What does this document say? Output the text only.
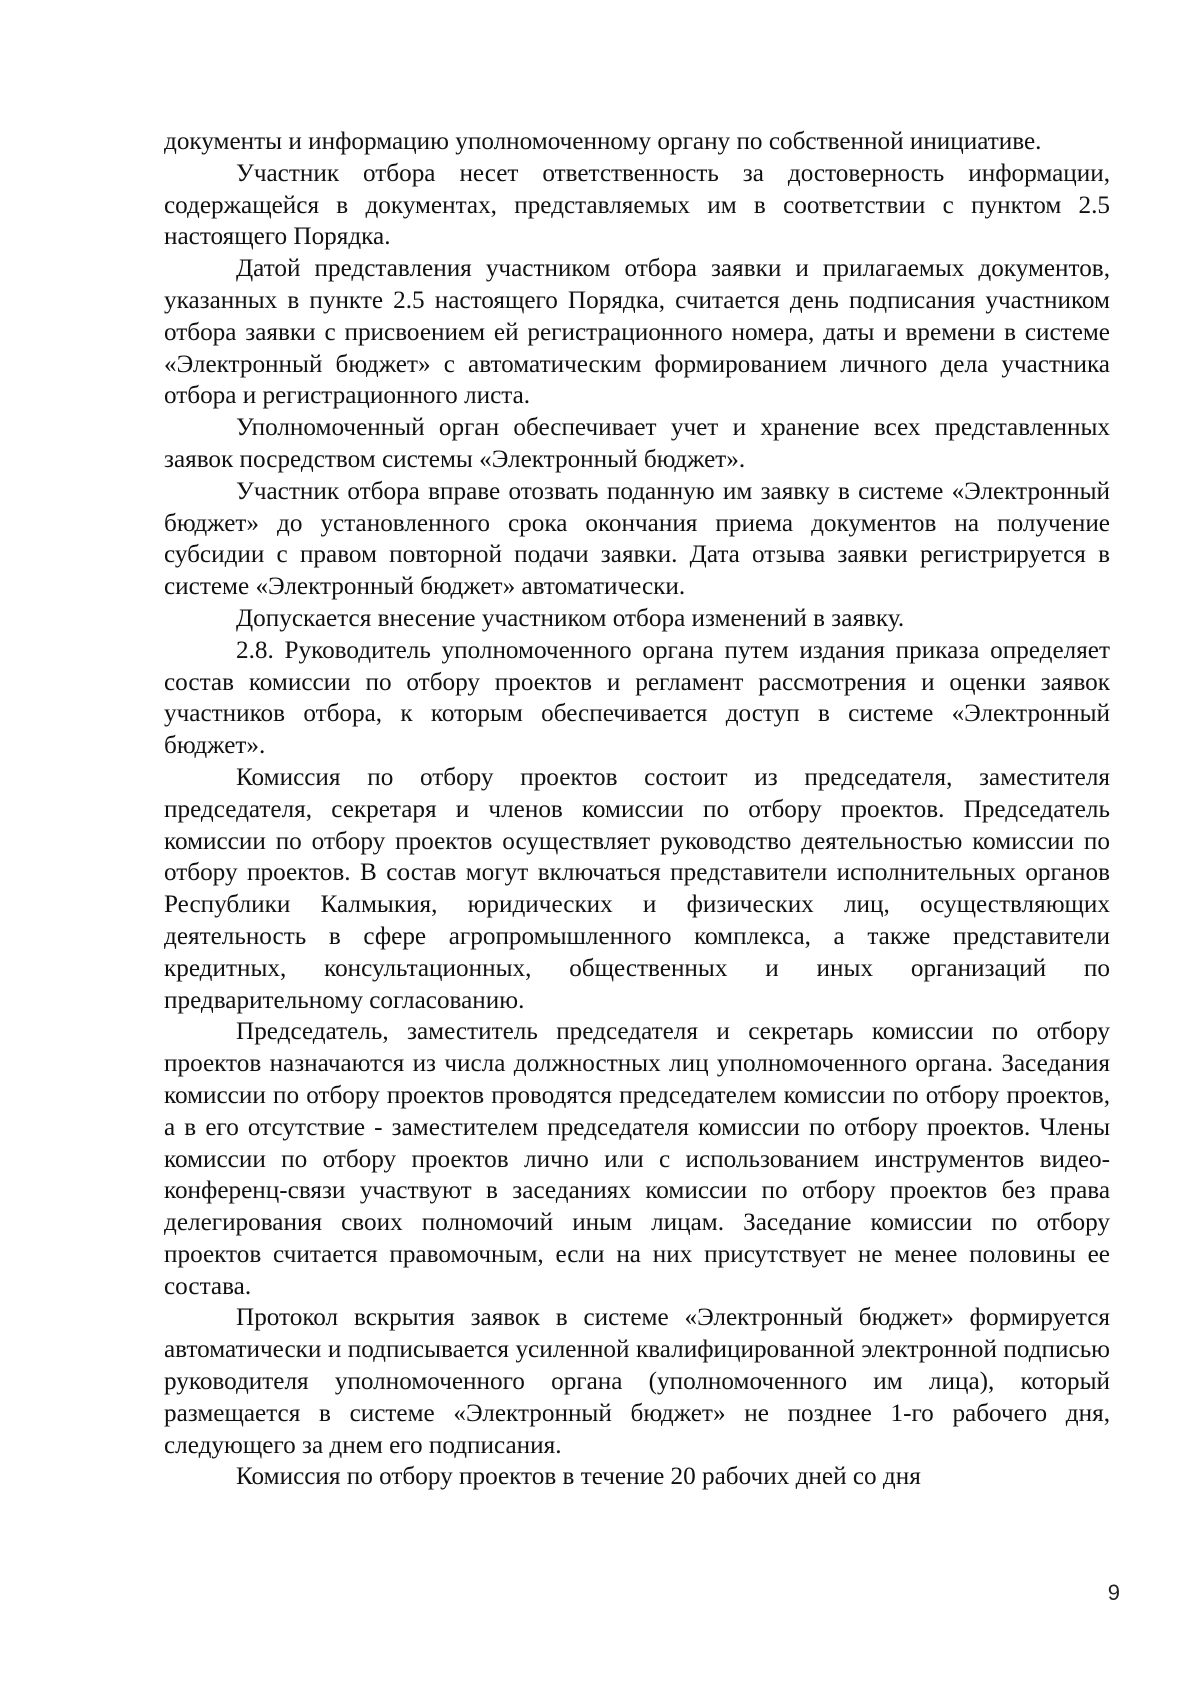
документы и информацию уполномоченному органу по собственной инициативе.

Участник отбора несет ответственность за достоверность информации, содержащейся в документах, представляемых им в соответствии с пунктом 2.5 настоящего Порядка.

Датой представления участником отбора заявки и прилагаемых документов, указанных в пункте 2.5 настоящего Порядка, считается день подписания участником отбора заявки с присвоением ей регистрационного номера, даты и времени в системе «Электронный бюджет» с автоматическим формированием личного дела участника отбора и регистрационного листа.

Уполномоченный орган обеспечивает учет и хранение всех представленных заявок посредством системы «Электронный бюджет».

Участник отбора вправе отозвать поданную им заявку в системе «Электронный бюджет» до установленного срока окончания приема документов на получение субсидии с правом повторной подачи заявки. Дата отзыва заявки регистрируется в системе «Электронный бюджет» автоматически.

Допускается внесение участником отбора изменений в заявку.

2.8. Руководитель уполномоченного органа путем издания приказа определяет состав комиссии по отбору проектов и регламент рассмотрения и оценки заявок участников отбора, к которым обеспечивается доступ в системе «Электронный бюджет».

Комиссия по отбору проектов состоит из председателя, заместителя председателя, секретаря и членов комиссии по отбору проектов. Председатель комиссии по отбору проектов осуществляет руководство деятельностью комиссии по отбору проектов. В состав могут включаться представители исполнительных органов Республики Калмыкия, юридических и физических лиц, осуществляющих деятельность в сфере агропромышленного комплекса, а также представители кредитных, консультационных, общественных и иных организаций по предварительному согласованию.

Председатель, заместитель председателя и секретарь комиссии по отбору проектов назначаются из числа должностных лиц уполномоченного органа. Заседания комиссии по отбору проектов проводятся председателем комиссии по отбору проектов, а в его отсутствие - заместителем председателя комиссии по отбору проектов. Члены комиссии по отбору проектов лично или с использованием инструментов видео-конференц-связи участвуют в заседаниях комиссии по отбору проектов без права делегирования своих полномочий иным лицам. Заседание комиссии по отбору проектов считается правомочным, если на них присутствует не менее половины ее состава.

Протокол вскрытия заявок в системе «Электронный бюджет» формируется автоматически и подписывается усиленной квалифицированной электронной подписью руководителя уполномоченного органа (уполномоченного им лица), который размещается в системе «Электронный бюджет» не позднее 1-го рабочего дня, следующего за днем его подписания.

Комиссия по отбору проектов в течение 20 рабочих дней со дня

9
